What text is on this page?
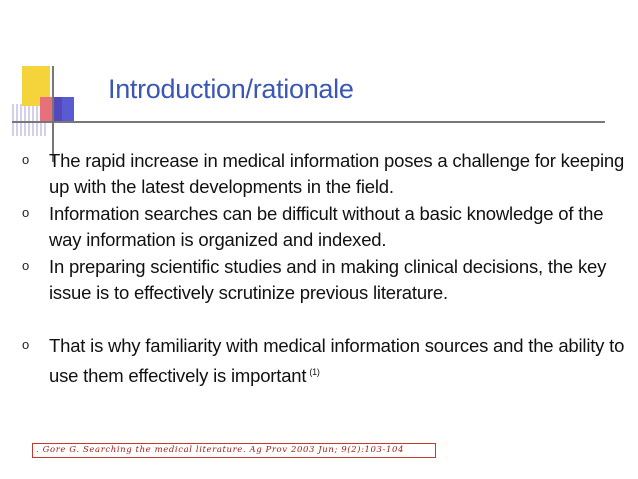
Introduction/rationale
o The rapid increase in medical information poses a challenge for keeping up with the latest developments in the field.
o Information searches can be difficult without a basic knowledge of the way information is organized and indexed.
o In preparing scientific studies and in making clinical decisions, the key issue is to effectively scrutinize previous literature.
o That is why familiarity with medical information sources and the ability to use them effectively is important $^{(1)}$
. Gore G. Searching the medical literature. Ag Prov 2003 Jun; 9(2):103-104
